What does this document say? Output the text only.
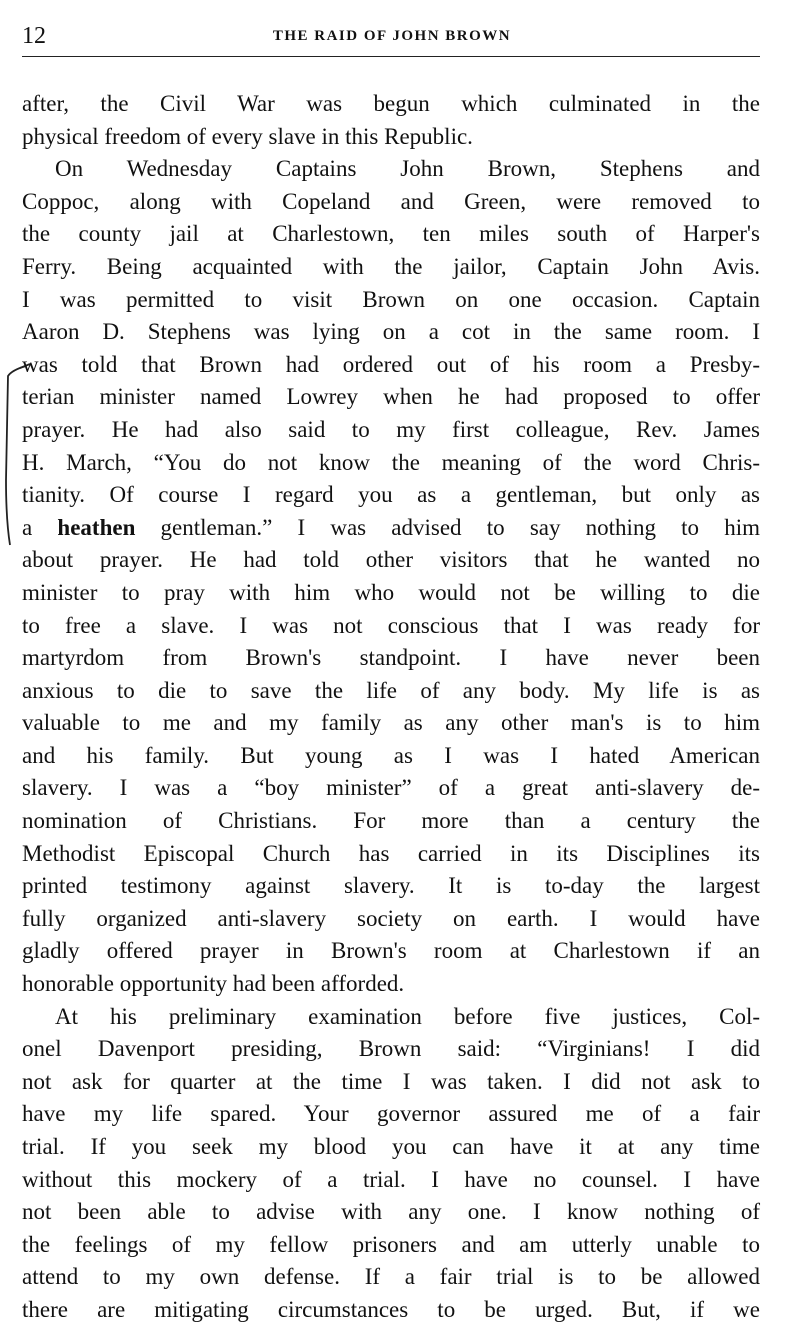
12	THE RAID OF JOHN BROWN
after, the Civil War was begun which culminated in the
physical freedom of every slave in this Republic.
On Wednesday Captains John Brown, Stephens and
Coppoc, along with Copeland and Green, were removed to
the county jail at Charlestown, ten miles south of Harper's
Ferry. Being acquainted with the jailor, Captain John Avis.
I was permitted to visit Brown on one occasion. Captain
Aaron D. Stephens was lying on a cot in the same room. I
was told that Brown had ordered out of his room a Presby-
terian minister named Lowrey when he had proposed to offer
prayer. He had also said to my first colleague, Rev. James
H. March, “You do not know the meaning of the word Chris-
tianity. Of course I regard you as a gentleman, but only as
a heathen gentleman.” I was advised to say nothing to him
about prayer. He had told other visitors that he wanted no
minister to pray with him who would not be willing to die
to free a slave. I was not conscious that I was ready for
martyrdom from Brown's standpoint. I have never been
anxious to die to save the life of any body. My life is as
valuable to me and my family as any other man's is to him
and his family. But young as I was I hated American
slavery. I was a “boy minister” of a great anti-slavery de-
nomination of Christians. For more than a century the
Methodist Episcopal Church has carried in its Disciplines its
printed testimony against slavery. It is to-day the largest
fully organized anti-slavery society on earth. I would have
gladly offered prayer in Brown's room at Charlestown if an
honorable opportunity had been afforded.
At his preliminary examination before five justices, Col-
onel Davenport presiding, Brown said: “Virginians! I did
not ask for quarter at the time I was taken. I did not ask to
have my life spared. Your governor assured me of a fair
trial. If you seek my blood you can have it at any time
without this mockery of a trial. I have no counsel. I have
not been able to advise with any one. I know nothing of
the feelings of my fellow prisoners and am utterly unable to
attend to my own defense. If a fair trial is to be allowed
there are mitigating circumstances to be urged. But, if we
